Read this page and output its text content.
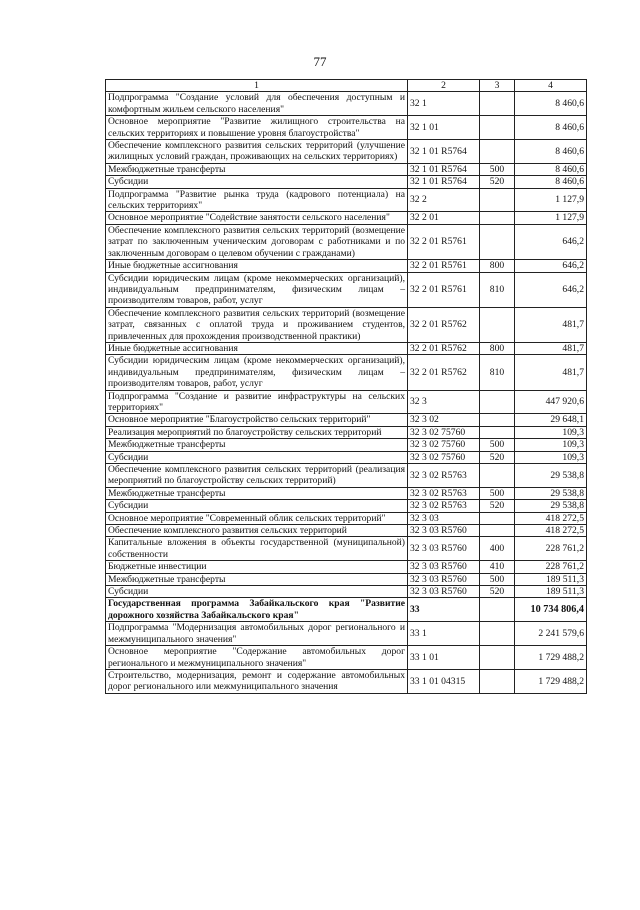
77
1	2	3	4
Подпрограмма "Создание условий для обеспечения доступным и комфортным жильем сельского населения"	32 1		8 460,6
Основное мероприятие "Развитие жилищного строительства на сельских территориях и повышение уровня благоустройства"	32 1 01		8 460,6
Обеспечение комплексного развития сельских территорий (улучшение жилищных условий граждан, проживающих на сельских территориях)	32 1 01 R5764		8 460,6
Межбюджетные трансферты	32 1 01 R5764	500	8 460,6
Субсидии	32 1 01 R5764	520	8 460,6
Подпрограмма "Развитие рынка труда (кадрового потенциала) на сельских территориях"	32 2		1 127,9
Основное мероприятие "Содействие занятости сельского населения"	32 2 01		1 127,9
Обеспечение комплексного развития сельских территорий (возмещение затрат по заключенным ученическим договорам с работниками и по заключенным договорам о целевом обучении с гражданами)	32 2 01 R5761		646,2
Иные бюджетные ассигнования	32 2 01 R5761	800	646,2
Субсидии юридическим лицам (кроме некоммерческих организаций), индивидуальным предпринимателям, физическим лицам – производителям товаров, работ, услуг	32 2 01 R5761	810	646,2
Обеспечение комплексного развития сельских территорий (возмещение затрат, связанных с оплатой труда и проживанием студентов, привлеченных для прохождения производственной практики)	32 2 01 R5762		481,7
Иные бюджетные ассигнования	32 2 01 R5762	800	481,7
Субсидии юридическим лицам (кроме некоммерческих организаций), индивидуальным предпринимателям, физическим лицам – производителям товаров, работ, услуг	32 2 01 R5762	810	481,7
Подпрограмма "Создание и развитие инфраструктуры на сельских территориях"	32 3		447 920,6
Основное мероприятие "Благоустройство сельских территорий"	32 3 02		29 648,1
Реализация мероприятий по благоустройству сельских территорий	32 3 02 75760		109,3
Межбюджетные трансферты	32 3 02 75760	500	109,3
Субсидии	32 3 02 75760	520	109,3
Обеспечение комплексного развития сельских территорий (реализация мероприятий по благоустройству сельских территорий)	32 3 02 R5763		29 538,8
Межбюджетные трансферты	32 3 02 R5763	500	29 538,8
Субсидии	32 3 02 R5763	520	29 538,8
Основное мероприятие "Современный облик сельских территорий"	32 3 03		418 272,5
Обеспечение комплексного развития сельских территорий	32 3 03 R5760		418 272,5
Капитальные вложения в объекты государственной (муниципальной) собственности	32 3 03 R5760	400	228 761,2
Бюджетные инвестиции	32 3 03 R5760	410	228 761,2
Межбюджетные трансферты	32 3 03 R5760	500	189 511,3
Субсидии	32 3 03 R5760	520	189 511,3
Государственная программа Забайкальского края "Развитие дорожного хозяйства Забайкальского края"	33		10 734 806,4
Подпрограмма "Модернизация автомобильных дорог регионального и межмуниципального значения"	33 1		2 241 579,6
Основное мероприятие "Содержание автомобильных дорог регионального и межмуниципального значения"	33 1 01		1 729 488,2
Строительство, модернизация, ремонт и содержание автомобильных дорог регионального или межмуниципального значения	33 1 01 04315		1 729 488,2
